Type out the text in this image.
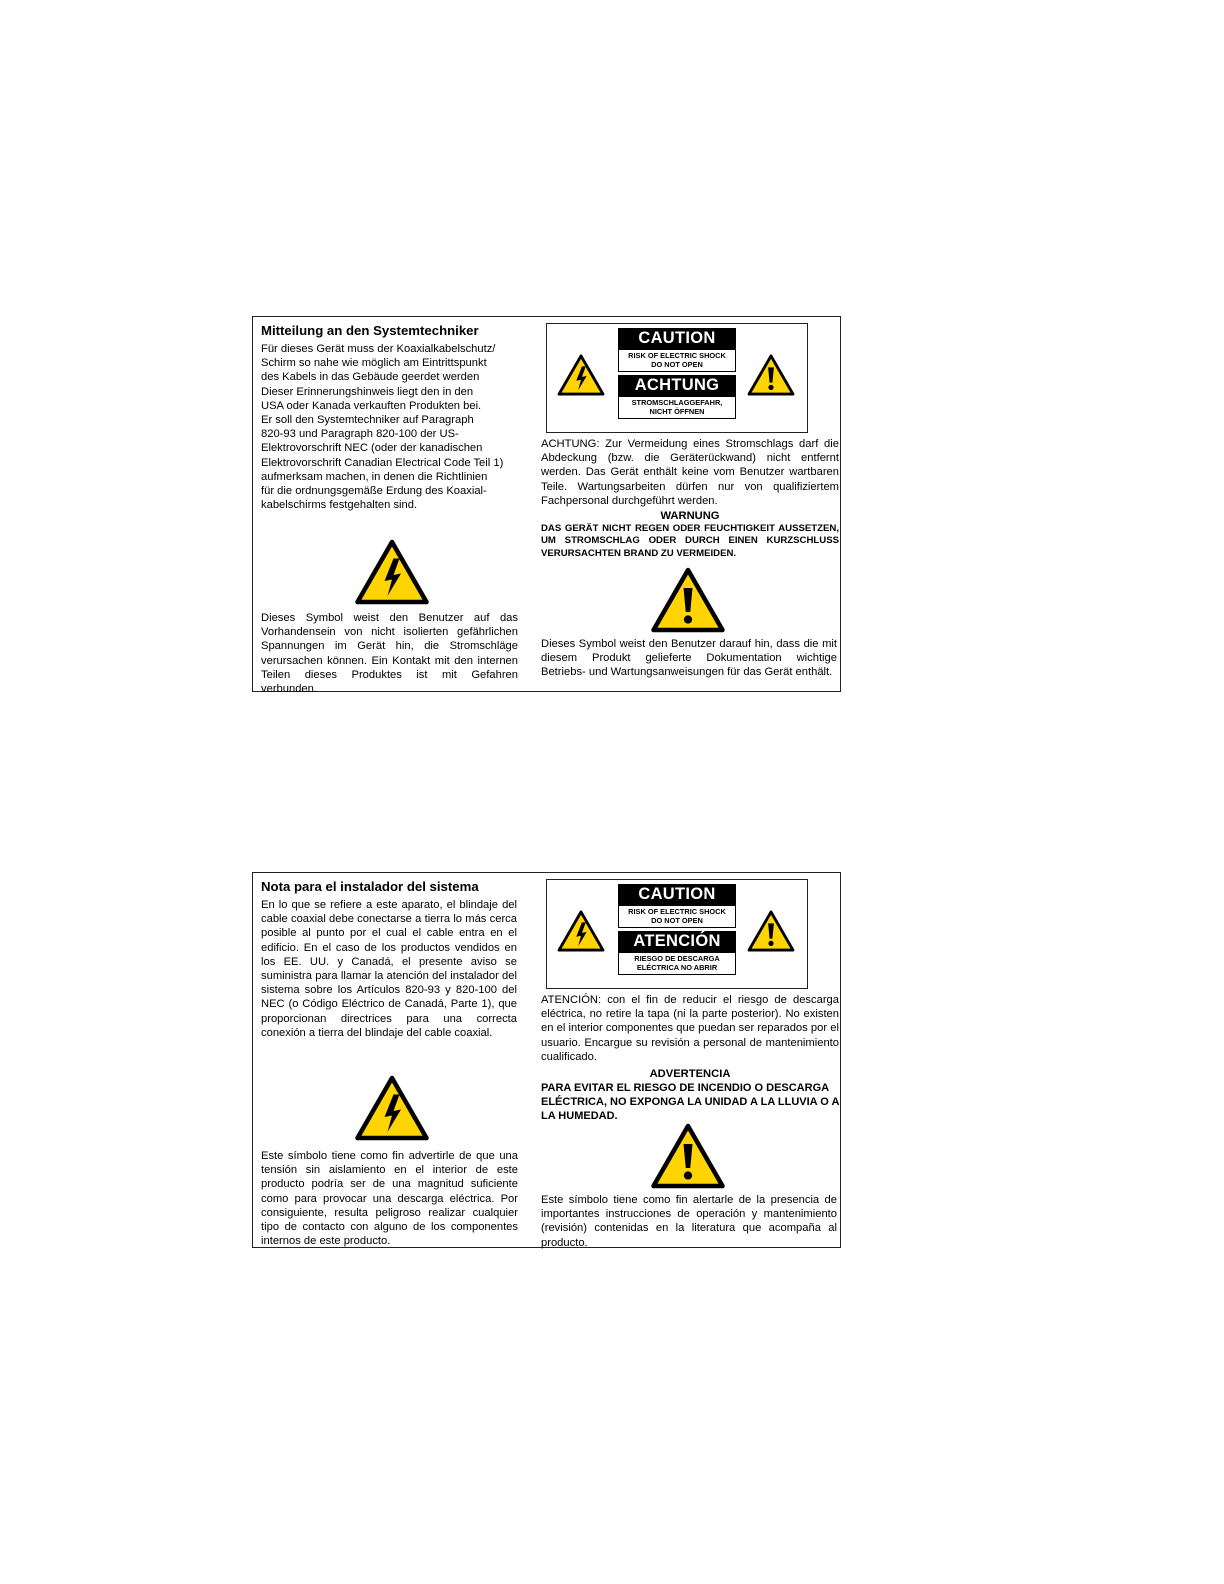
Mitteilung an den Systemtechniker
Für dieses Gerät muss der Koaxialkabelschutz/
Schirm so nahe wie möglich am Eintrittspunkt
des Kabels in das Gebäude geerdet werden
Dieser Erinnerungshinweis liegt den in den
USA oder Kanada verkauften Produkten bei.
Er soll den Systemtechniker auf Paragraph
820-93 und Paragraph 820-100 der US-
Elektrovorschrift NEC (oder der kanadischen
Elektrovorschrift Canadian Electrical Code Teil 1)
aufmerksam machen, in denen die Richtlinien
für die ordnungsgemäße Erdung des Koaxial-
kabelschirms festgehalten sind.
Dieses Symbol weist den Benutzer auf das Vorhandensein von nicht isolierten gefährlichen Spannungen im Gerät hin, die Stromschläge verursachen können. Ein Kontakt mit den internen Teilen dieses Produktes ist mit Gefahren verbunden.
CAUTION
RISK OF ELECTRIC SHOCK
DO NOT OPEN
ACHTUNG
STROMSCHLAGGEFAHR,
NICHT ÖFFNEN
ACHTUNG: Zur Vermeidung eines Stromschlags darf die Abdeckung (bzw. die Geräterückwand) nicht entfernt werden. Das Gerät enthält keine vom Benutzer wartbaren Teile. Wartungsarbeiten dürfen nur von qualifiziertem Fachpersonal durchgeführt werden.
WARNUNG
DAS GERÄT NICHT REGEN ODER FEUCHTIGKEIT AUSSETZEN, UM STROMSCHLAG ODER DURCH EINEN KURZSCHLUSS VERURSACHTEN BRAND ZU VERMEIDEN.
Dieses Symbol weist den Benutzer darauf hin, dass die mit diesem Produkt gelieferte Dokumentation wichtige Betriebs- und Wartungsanweisungen für das Gerät enthält.
Nota para el instalador del sistema
En lo que se refiere a este aparato, el blindaje del cable coaxial debe conectarse a tierra lo más cerca posible al punto por el cual el cable entra en el edificio. En el caso de los productos vendidos en los EE. UU. y Canadá, el presente aviso se suministra para llamar la atención del instalador del sistema sobre los Artículos 820-93 y 820-100 del NEC (o Código Eléctrico de Canadá, Parte 1), que proporcionan directrices para una correcta conexión a tierra del blindaje del cable coaxial.
Este símbolo tiene como fin advertirle de que una tensión sin aislamiento en el interior de este producto podría ser de una magnitud suficiente como para provocar una descarga eléctrica. Por consiguiente, resulta peligroso realizar cualquier tipo de contacto con alguno de los componentes internos de este producto.
CAUTION
RISK OF ELECTRIC SHOCK
DO NOT OPEN
ATENCIÓN
RIESGO DE DESCARGA
ELÉCTRICA NO ABRIR
ATENCIÓN: con el fin de reducir el riesgo de descarga eléctrica, no retire la tapa (ni la parte posterior). No existen en el interior componentes que puedan ser reparados por el usuario. Encargue su revisión a personal de mantenimiento cualificado.
ADVERTENCIA
PARA EVITAR EL RIESGO DE INCENDIO O DESCARGA ELÉCTRICA, NO EXPONGA LA UNIDAD A LA LLUVIA O A LA HUMEDAD.
Este símbolo tiene como fin alertarle de la presencia de importantes instrucciones de operación y mantenimiento (revisión) contenidas en la literatura que acompaña al producto.
